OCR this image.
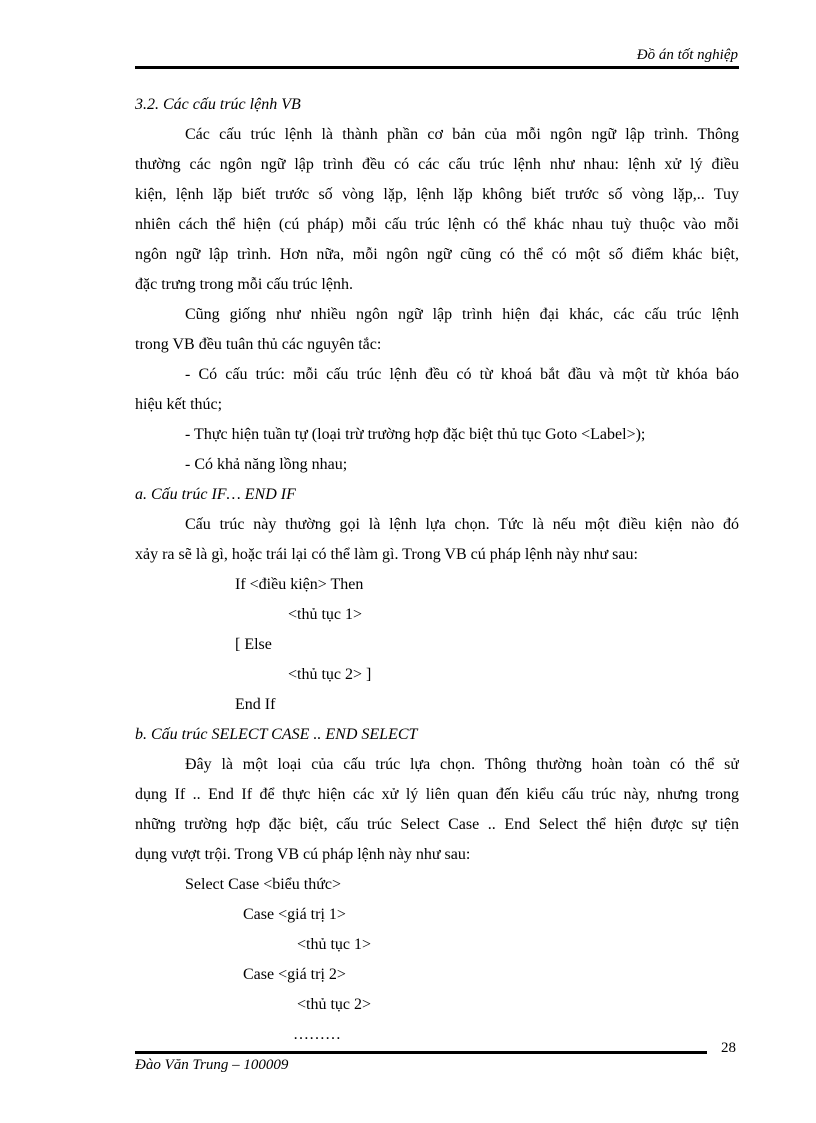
Đồ án tốt nghiệp
3.2. Các cấu trúc lệnh VB
Các cấu trúc lệnh là thành phần cơ bản của mỗi ngôn ngữ lập trình. Thông
thường các ngôn ngữ lập trình đều có các cấu trúc lệnh như nhau: lệnh xử lý điều
kiện, lệnh lặp biết trước số vòng lặp, lệnh lặp không biết trước số vòng lặp,.. Tuy
nhiên cách thể hiện (cú pháp) mỗi cấu trúc lệnh có thể khác nhau tuỳ thuộc vào mỗi
ngôn ngữ lập trình. Hơn nữa, mỗi ngôn ngữ cũng có thể có một số điểm khác biệt,
đặc trưng trong mỗi cấu trúc lệnh.
Cũng giống như nhiều ngôn ngữ lập trình hiện đại khác, các cấu trúc lệnh
trong VB đều tuân thủ các nguyên tắc:
- Có cấu trúc: mỗi cấu trúc lệnh đều có từ khoá bắt đầu và một từ khóa báo
hiệu kết thúc;
- Thực hiện tuần tự (loại trừ trường hợp đặc biệt thủ tục Goto <Label>);
- Có khả năng lồng nhau;
a. Cấu trúc IF… END IF
Cấu trúc này thường gọi là lệnh lựa chọn. Tức là nếu một điều kiện nào đó
xảy ra sẽ là gì, hoặc trái lại có thể làm gì. Trong VB cú pháp lệnh này như sau:
If <điều kiện> Then
<thủ tục 1>
[ Else
<thủ tục 2> ]
End If
b. Cấu trúc SELECT CASE .. END SELECT
Đây là một loại của cấu trúc lựa chọn. Thông thường hoàn toàn có thể sử
dụng If .. End If để thực hiện các xử lý liên quan đến kiểu cấu trúc này, nhưng trong
những trường hợp đặc biệt, cấu trúc Select Case .. End Select thể hiện được sự tiện
dụng vượt trội. Trong VB cú pháp lệnh này như sau:
Select Case <biểu thức>
Case <giá trị 1>
<thủ tục 1>
Case <giá trị 2>
<thủ tục 2>
………
28
Đào Văn Trung – 100009
